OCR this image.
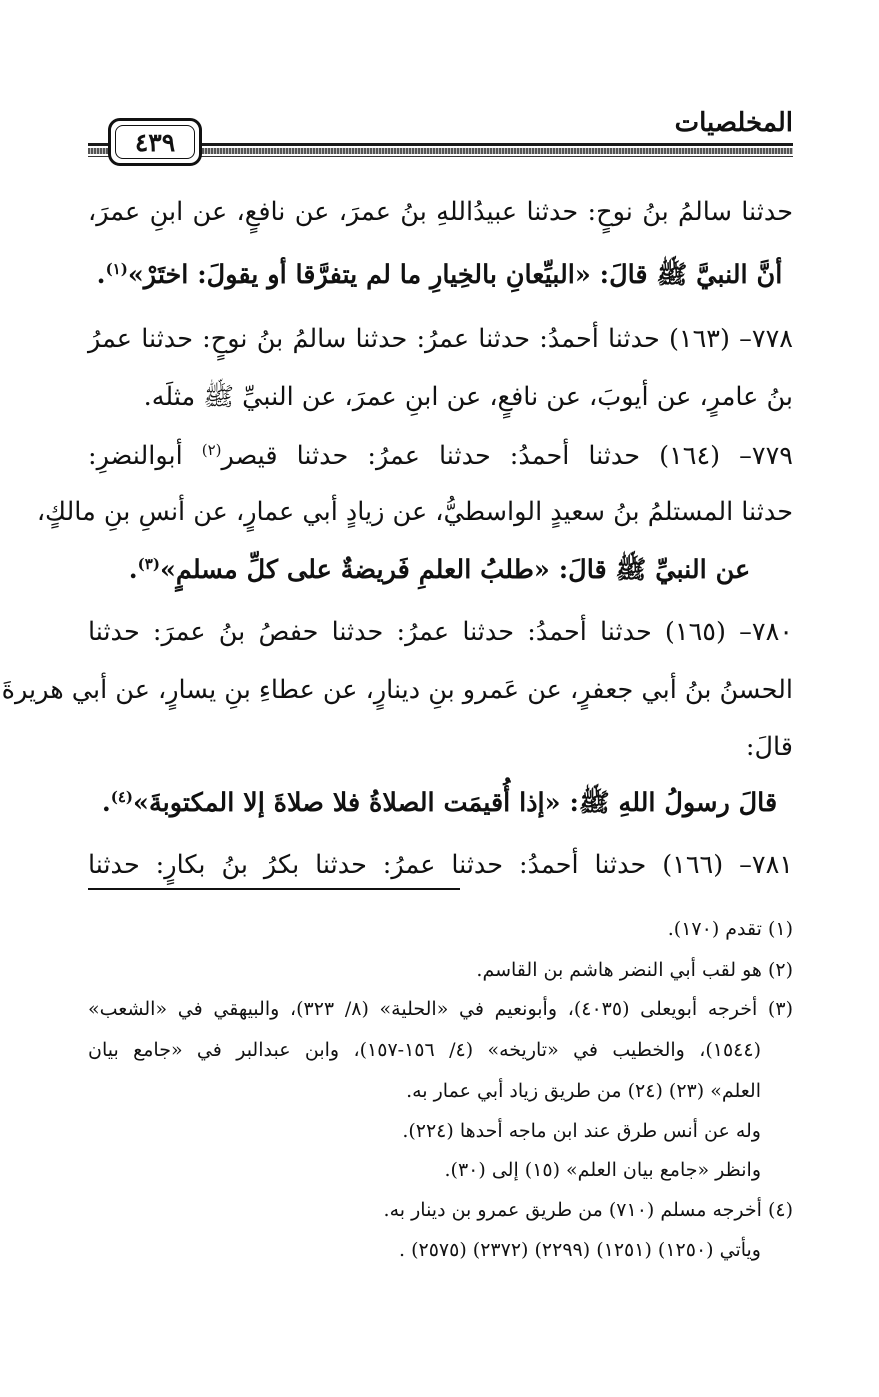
المخلصيات
٤٣٩
حدثنا سالمُ بنُ نوحٍ: حدثنا عبيدُاللهِ بنُ عمرَ، عن نافعٍ، عن ابنِ عمرَ،
أنَّ النبيَّ ﷺ قالَ: «البيِّعانِ بالخِيارِ ما لم يتفرَّقا أو يقولَ: اختَرْ»$^{(١)}$.
٧٧٨– (١٦٣) حدثنا أحمدُ: حدثنا عمرُ: حدثنا سالمُ بنُ نوحٍ: حدثنا عمرُ
بنُ عامرٍ، عن أيوبَ، عن نافعٍ، عن ابنِ عمرَ، عن النبيِّ ﷺ مثلَه.
٧٧٩– (١٦٤) حدثنا أحمدُ: حدثنا عمرُ: حدثنا قيصر$^{(٢)}$ أبوالنضرِ:
حدثنا المستلمُ بنُ سعيدٍ الواسطيُّ، عن زيادٍ أبي عمارٍ، عن أنسِ بنِ مالكٍ،
عن النبيِّ ﷺ قالَ: «طلبُ العلمِ فَريضةٌ على كلِّ مسلمٍ»$^{(٣)}$.
٧٨٠– (١٦٥) حدثنا أحمدُ: حدثنا عمرُ: حدثنا حفصُ بنُ عمرَ: حدثنا
الحسنُ بنُ أبي جعفرٍ، عن عَمرو بنِ دينارٍ، عن عطاءِ بنِ يسارٍ، عن أبي هريرةَ
قالَ:
قالَ رسولُ اللهِ ﷺ: «إذا أُقيمَت الصلاةُ فلا صلاةَ إلا المكتوبةَ»$^{(٤)}$.
٧٨١– (١٦٦) حدثنا أحمدُ: حدثنا عمرُ: حدثنا بكرُ بنُ بكارٍ: حدثنا
(١) تقدم (١٧٠).
(٢) هو لقب أبي النضر هاشم بن القاسم.
(٣) أخرجه أبويعلى (٤٠٣٥)، وأبونعيم في «الحلية» (٨/ ٣٢٣)، والبيهقي في «الشعب»
(١٥٤٤)، والخطيب في «تاريخه» (٤/ ١٥٦-١٥٧)، وابن عبدالبر في «جامع بيان
العلم» (٢٣) (٢٤) من طريق زياد أبي عمار به.
وله عن أنس طرق عند ابن ماجه أحدها (٢٢٤).
وانظر «جامع بيان العلم» (١٥) إلى (٣٠).
(٤) أخرجه مسلم (٧١٠) من طريق عمرو بن دينار به.
ويأتي (١٢٥٠) (١٢٥١) (٢٢٩٩) (٢٣٧٢) (٢٥٧٥) .
